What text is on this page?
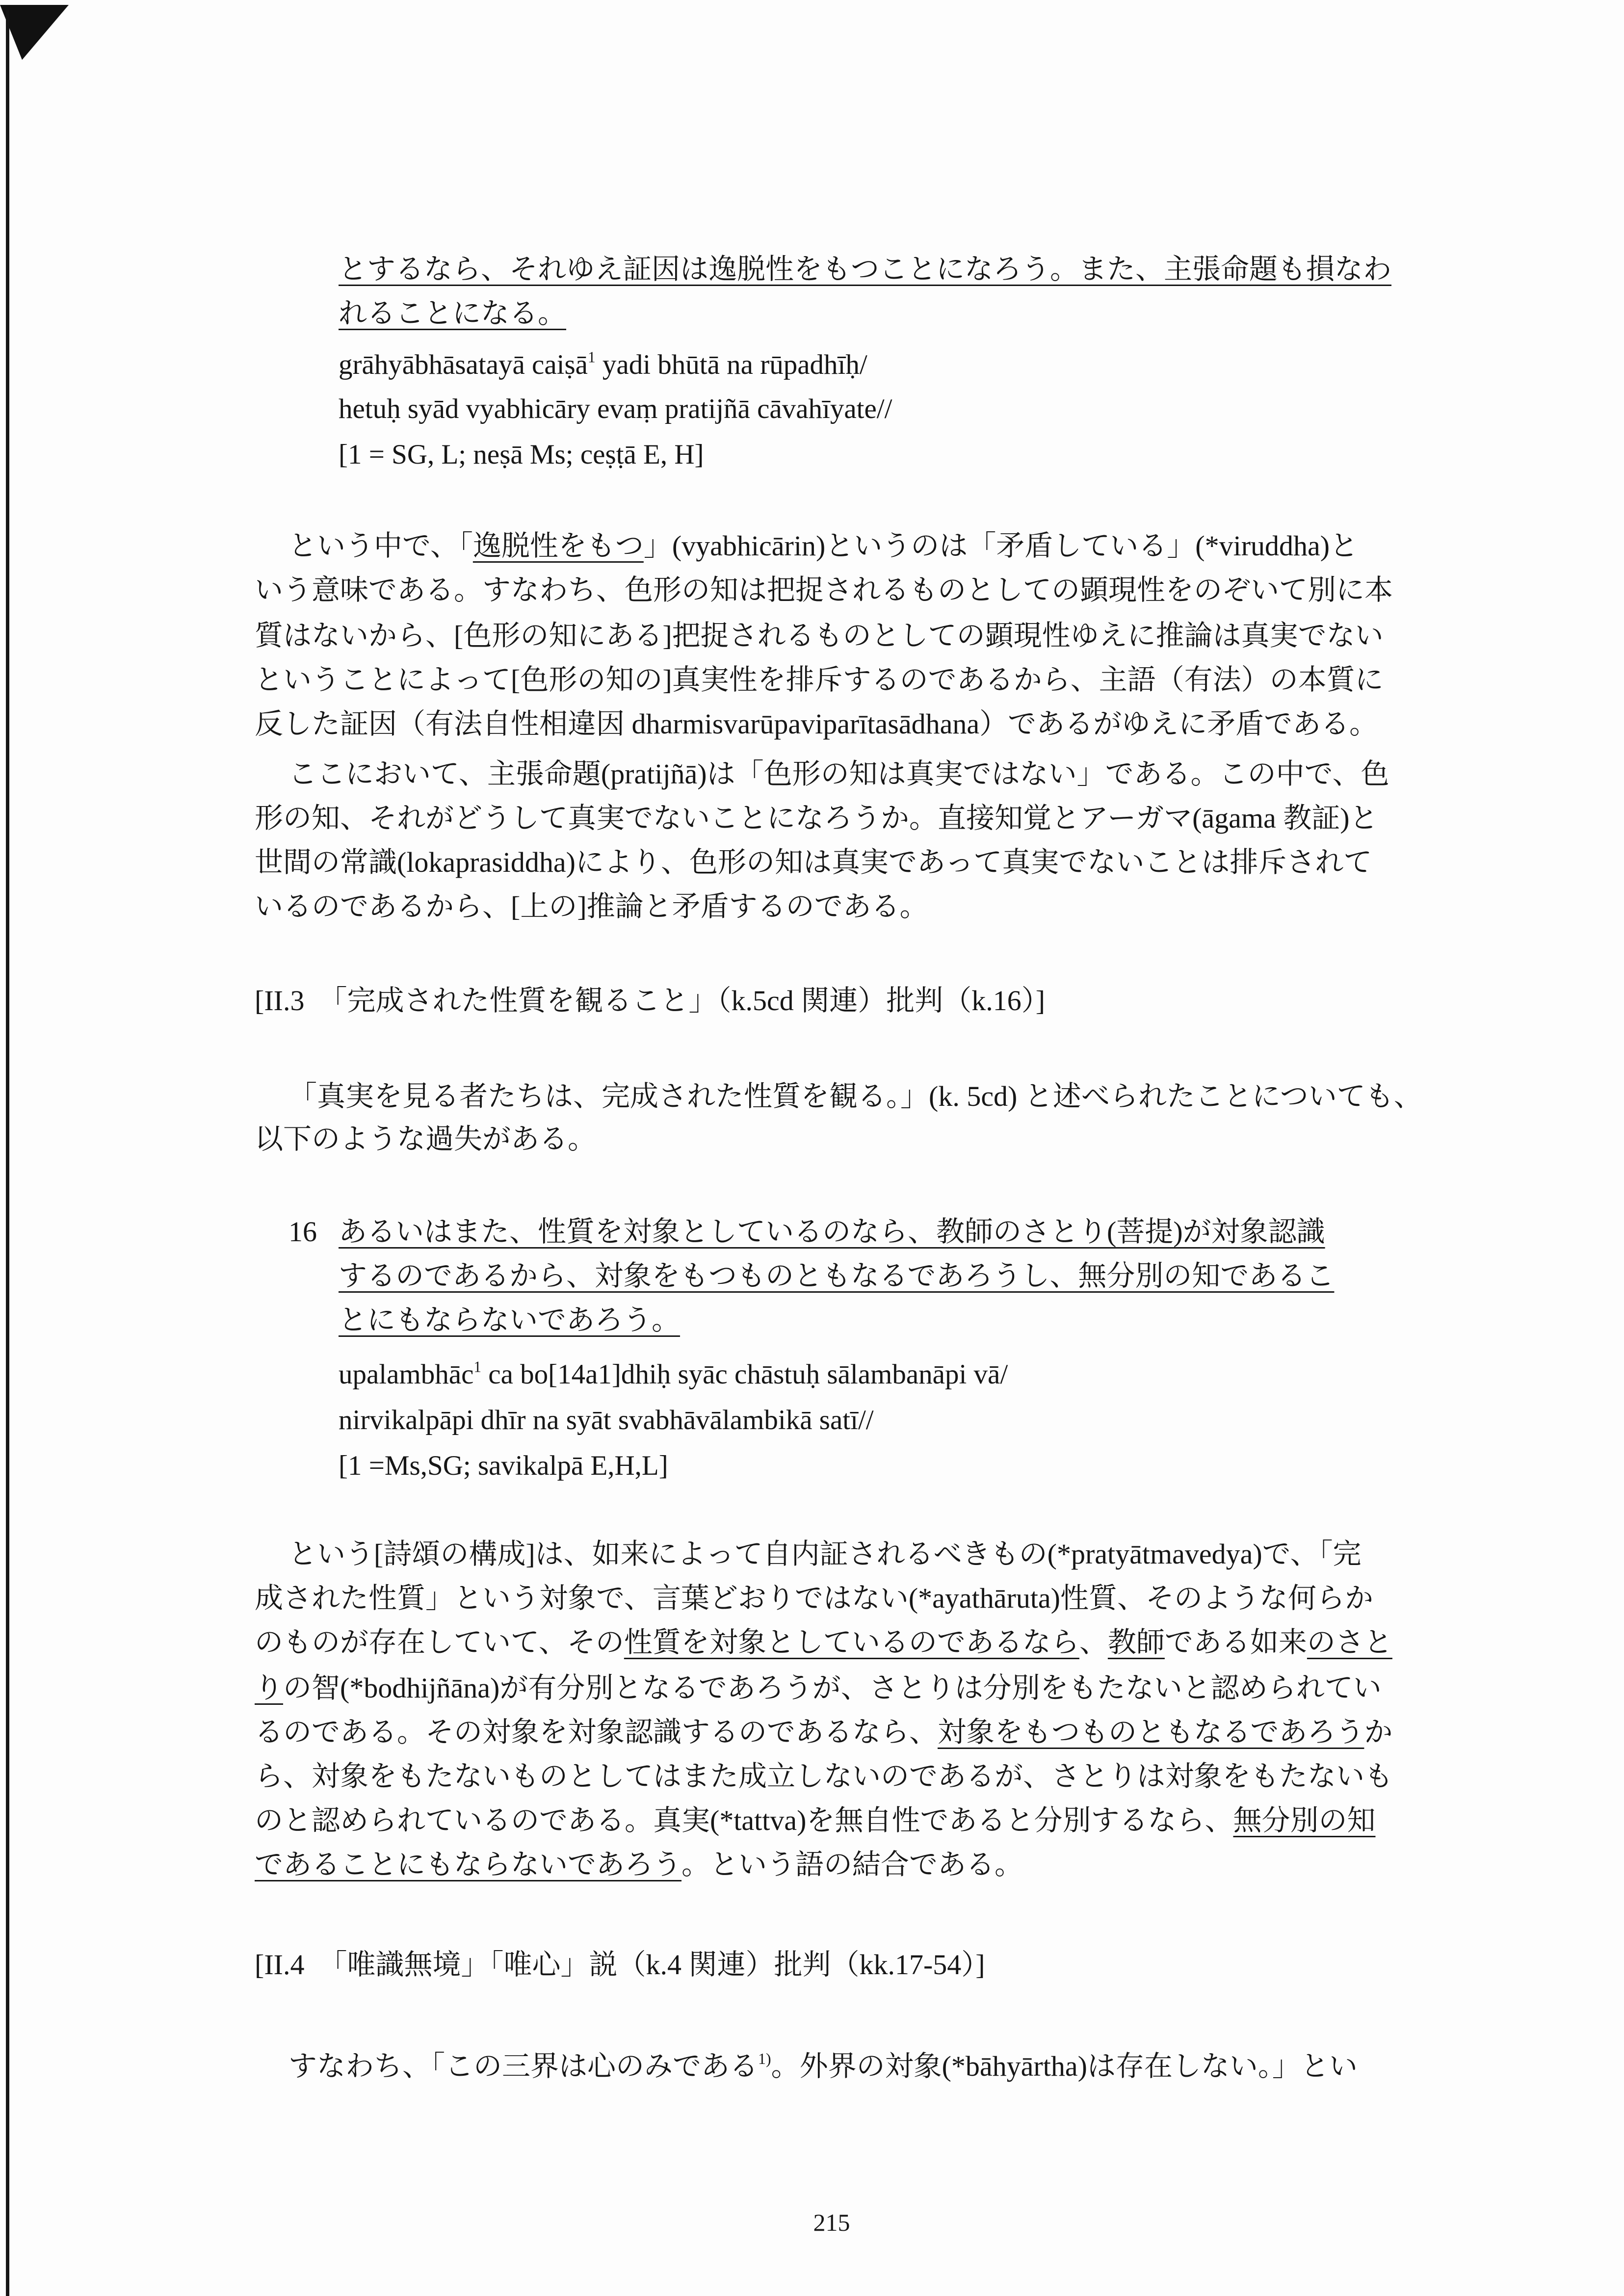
とするなら、それゆえ証因は逸脱性をもつことになろう。また、主張命題も損なわ
れることになる。
grāhyābhāsatayā caiṣā$^1$ yadi bhūtā na rūpadhīḥ/
hetuḥ syād vyabhicāry evaṃ pratijñā cāvahīyate//
[1 = SG, L; neṣā Ms; ceṣṭā E, H]
という中で、「逸脱性をもつ」(vyabhicārin)というのは「矛盾している」(*viruddha)と
いう意味である。すなわち、色形の知は把捉されるものとしての顕現性をのぞいて別に本
質はないから、[色形の知にある]把捉されるものとしての顕現性ゆえに推論は真実でない
ということによって[色形の知の]真実性を排斥するのであるから、主語（有法）の本質に
反した証因（有法自性相違因 dharmisvarūpaviparītasādhana）であるがゆえに矛盾である。
ここにおいて、主張命題(pratijñā)は「色形の知は真実ではない」である。この中で、色
形の知、それがどうして真実でないことになろうか。直接知覚とアーガマ(āgama 教証)と
世間の常識(lokaprasiddha)により、色形の知は真実であって真実でないことは排斥されて
いるのであるから、[上の]推論と矛盾するのである。
[II.3　「完成された性質を観ること」（k.5cd 関連）批判（k.16）]
「真実を見る者たちは、完成された性質を観る。」(k. 5cd) と述べられたことについても、
以下のような過失がある。
16 あるいはまた、性質を対象としているのなら、教師のさとり(菩提)が対象認識
するのであるから、対象をもつものともなるであろうし、無分別の知であるこ
とにもならないであろう。
upalambhāc$^1$ ca bo[14a1]dhiḥ syāc chāstuḥ sālambanāpi vā/
nirvikalpāpi dhīr na syāt svabhāvālambikā satī//
[1 =Ms,SG; savikalpā E,H,L]
という[詩頌の構成]は、如来によって自内証されるべきもの(*pratyātmavedya)で、「完
成された性質」という対象で、言葉どおりではない(*ayathāruta)性質、そのような何らか
のものが存在していて、その性質を対象としているのであるなら、教師である如来のさと
りの智(*bodhijñāna)が有分別となるであろうが、さとりは分別をもたないと認められてい
るのである。その対象を対象認識するのであるなら、対象をもつものともなるであろうか
ら、対象をもたないものとしてはまた成立しないのであるが、さとりは対象をもたないも
のと認められているのである。真実(*tattva)を無自性であると分別するなら、無分別の知
であることにもならないであろう。という語の結合である。
[II.4　「唯識無境」「唯心」説（k.4 関連）批判（kk.17-54）]
すなわち、「この三界は心のみである$^{1)}$。外界の対象(*bāhyārtha)は存在しない。」とい
215
